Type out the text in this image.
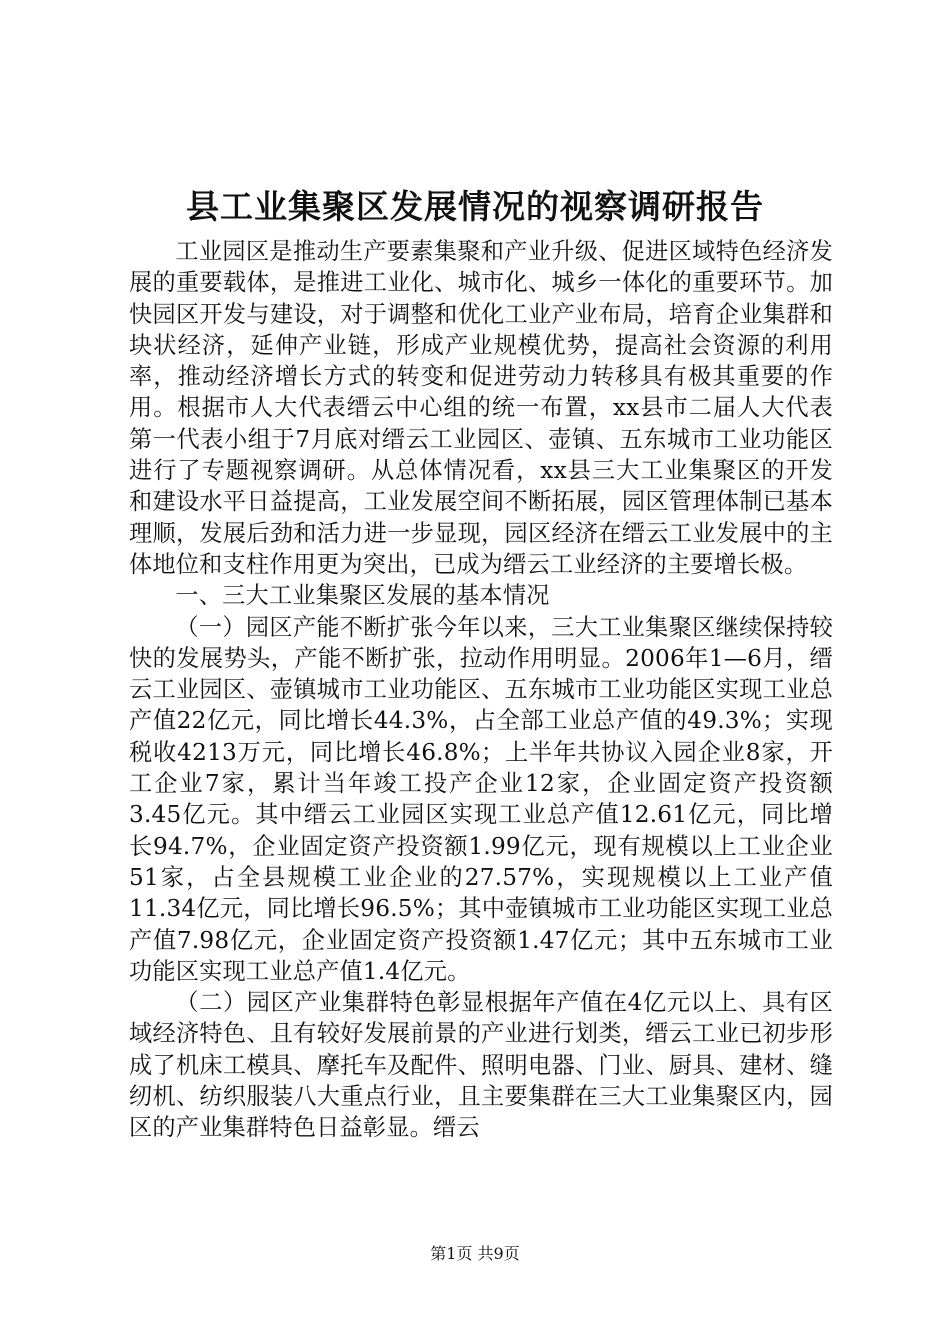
县工业集聚区发展情况的视察调研报告

工业园区是推动生产要素集聚和产业升级、促进区域特色经济发展的重要载体，是推进工业化、城市化、城乡一体化的重要环节。加快园区开发与建设，对于调整和优化工业产业布局，培育企业集群和块状经济，延伸产业链，形成产业规模优势，提高社会资源的利用率，推动经济增长方式的转变和促进劳动力转移具有极其重要的作用。根据市人大代表缙云中心组的统一布置，xx县市二届人大代表第一代表小组于7月底对缙云工业园区、壶镇、五东城市工业功能区进行了专题视察调研。从总体情况看，xx县三大工业集聚区的开发和建设水平日益提高，工业发展空间不断拓展，园区管理体制已基本理顺，发展后劲和活力进一步显现，园区经济在缙云工业发展中的主体地位和支柱作用更为突出，已成为缙云工业经济的主要增长极。

一、三大工业集聚区发展的基本情况

（一）园区产能不断扩张今年以来，三大工业集聚区继续保持较快的发展势头，产能不断扩张，拉动作用明显。2006年1—6月，缙云工业园区、壶镇城市工业功能区、五东城市工业功能区实现工业总产值22亿元，同比增长44.3%，占全部工业总产值的49.3%；实现税收4213万元，同比增长46.8%；上半年共协议入园企业8家，开工企业7家，累计当年竣工投产企业12家，企业固定资产投资额3.45亿元。其中缙云工业园区实现工业总产值12.61亿元，同比增长94.7%，企业固定资产投资额1.99亿元，现有规模以上工业企业51家，占全县规模工业企业的27.57%，实现规模以上工业产值11.34亿元，同比增长96.5%；其中壶镇城市工业功能区实现工业总产值7.98亿元，企业固定资产投资额1.47亿元；其中五东城市工业功能区实现工业总产值1.4亿元。

（二）园区产业集群特色彰显根据年产值在4亿元以上、具有区域经济特色、且有较好发展前景的产业进行划类，缙云工业已初步形成了机床工模具、摩托车及配件、照明电器、门业、厨具、建材、缝纫机、纺织服装八大重点行业，且主要集群在三大工业集聚区内，园区的产业集群特色日益彰显。缙云

第1页 共9页
